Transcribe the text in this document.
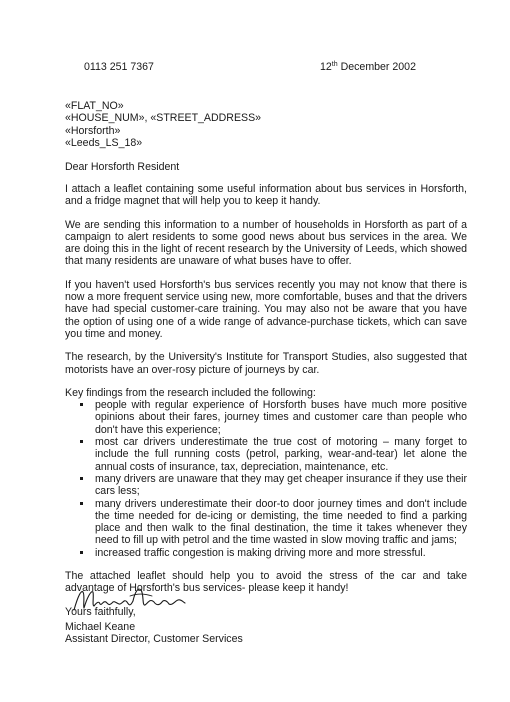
0113 251 7367	12th December 2002
«FLAT_NO»
«HOUSE_NUM», «STREET_ADDRESS»
«Horsforth»
«Leeds_LS_18»
Dear Horsforth Resident

I attach a leaflet containing some useful information about bus services in Horsforth, and a fridge magnet that will help you to keep it handy.

We are sending this information to a number of households in Horsforth as part of a campaign to alert residents to some good news about bus services in the area. We are doing this in the light of recent research by the University of Leeds, which showed that many residents are unaware of what buses have to offer.

If you haven't used Horsforth's bus services recently you may not know that there is now a more frequent service using new, more comfortable, buses and that the drivers have had special customer-care training. You may also not be aware that you have the option of using one of a wide range of advance-purchase tickets, which can save you time and money.

The research, by the University's Institute for Transport Studies, also suggested that motorists have an over-rosy picture of journeys by car.

Key findings from the research included the following:

people with regular experience of Horsforth buses have much more positive opinions about their fares, journey times and customer care than people who don't have this experience;
most car drivers underestimate the true cost of motoring – many forget to include the full running costs (petrol, parking, wear-and-tear) let alone the annual costs of insurance, tax, depreciation, maintenance, etc.
many drivers are unaware that they may get cheaper insurance if they use their cars less;
many drivers underestimate their door-to door journey times and don't include the time needed for de-icing or demisting, the time needed to find a parking place and then walk to the final destination, the time it takes whenever they need to fill up with petrol and the time wasted in slow moving traffic and jams;
increased traffic congestion is making driving more and more stressful.

The attached leaflet should help you to avoid the stress of the car and take advantage of Horsforth's bus services- please keep it handy!

Yours faithfully,

Michael Keane
Assistant Director, Customer Services
